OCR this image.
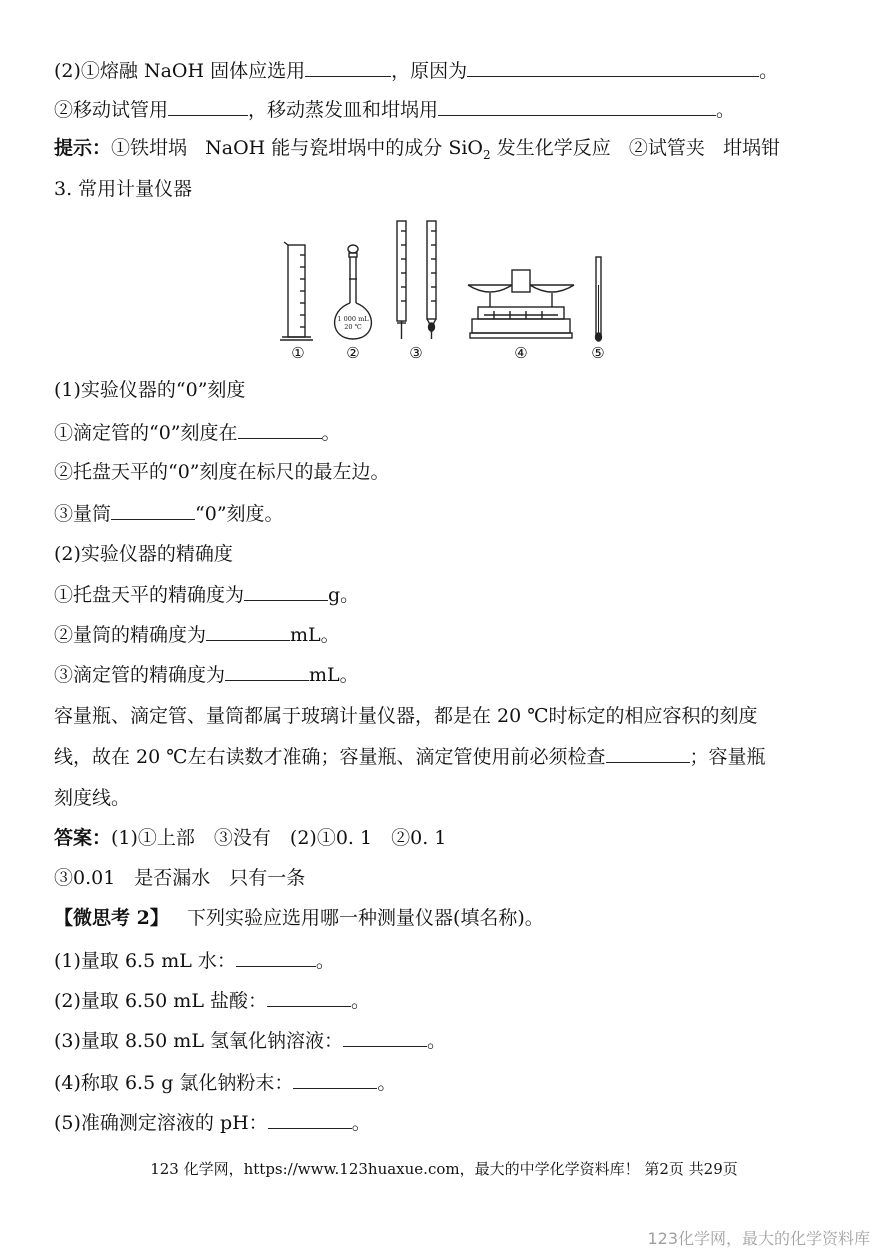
(2)①熔融 NaOH 固体应选用	，原因为	。
②移动试管用	，移动蒸发皿和坩埚用	。
提示：①铁坩埚 NaOH 能与瓷坩埚中的成分 SiO$_2$ 发生化学反应 ②试管夹 坩埚钳
3. 常用计量仪器
1 000 mL
20 ℃
①	②	③	④	⑤
(1)实验仪器的“0”刻度
①滴定管的“0”刻度在	。
②托盘天平的“0”刻度在标尺的最左边。
③量筒	“0”刻度。
(2)实验仪器的精确度
①托盘天平的精确度为	g。
②量筒的精确度为	mL。
③滴定管的精确度为	mL。
容量瓶、滴定管、量筒都属于玻璃计量仪器，都是在 20 ℃时标定的相应容积的刻度
线，故在 20 ℃左右读数才准确；容量瓶、滴定管使用前必须检查	；容量瓶
刻度线。
答案：(1)①上部　③没有　(2)①0. 1　②0. 1
③0.01　是否漏水　只有一条
【微思考 2】 下列实验应选用哪一种测量仪器(填名称)。
(1)量取 6.5 mL 水：	。
(2)量取 6.50 mL 盐酸：	。
(3)量取 8.50 mL 氢氧化钠溶液：	。
(4)称取 6.5 g 氯化钠粉末：	。
(5)准确测定溶液的 pH：	。
123 化学网，https://www.123huaxue.com，最大的中学化学资料库！ 第2页 共29页
123化学网，最大的化学资料库
